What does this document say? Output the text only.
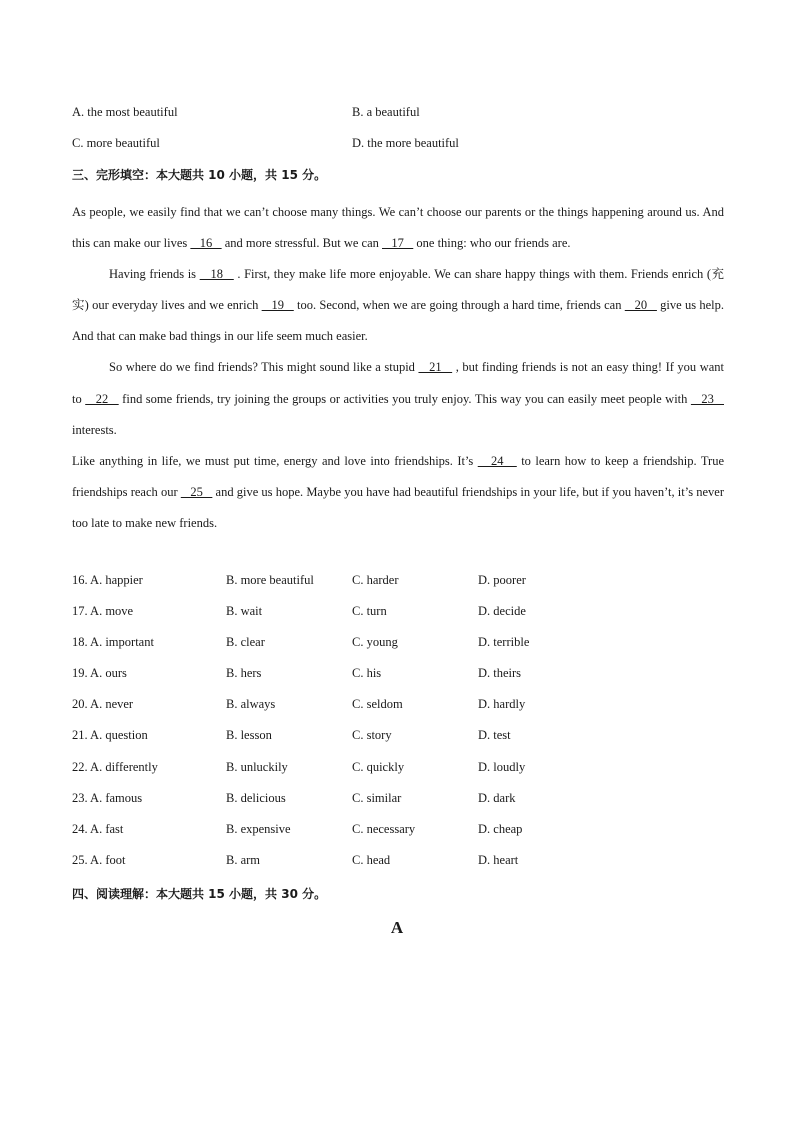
A. the most beautiful	B. a beautiful
C. more beautiful	D. the more beautiful
三、完形填空：本大题共 10 小题，共 15 分。

As people, we easily find that we can’t choose many things. We can’t choose our parents or the things happening around us. And this can make our lives    16    and more stressful. But we can    17    one thing: who our friends are.

Having friends is    18    . First, they make life more enjoyable. We can share happy things with them. Friends enrich (充实) our everyday lives and we enrich    19    too. Second, when we are going through a hard time, friends can    20    give us help. And that can make bad things in our life seem much easier.

So where do we find friends? This might sound like a stupid    21    , but finding friends is not an easy thing! If you want to    22    find some friends, try joining the groups or activities you truly enjoy. This way you can easily meet people with    23    interests.

Like anything in life, we must put time, energy and love into friendships. It’s    24    to learn how to keep a friendship. True friendships reach our    25    and give us hope. Maybe you have had beautiful friendships in your life, but if you haven’t, it’s never too late to make new friends.

16. A. happier	B. more beautiful	C. harder	D. poorer
17. A. move	B. wait	C. turn	D. decide
18. A. important	B. clear	C. young	D. terrible
19. A. ours	B. hers	C. his	D. theirs
20. A. never	B. always	C. seldom	D. hardly
21. A. question	B. lesson	C. story	D. test
22. A. differently	B. unluckily	C. quickly	D. loudly
23. A. famous	B. delicious	C. similar	D. dark
24. A. fast	B. expensive	C. necessary	D. cheap
25. A. foot	B. arm	C. head	D. heart
四、阅读理解：本大题共 15 小题，共 30 分。
A
